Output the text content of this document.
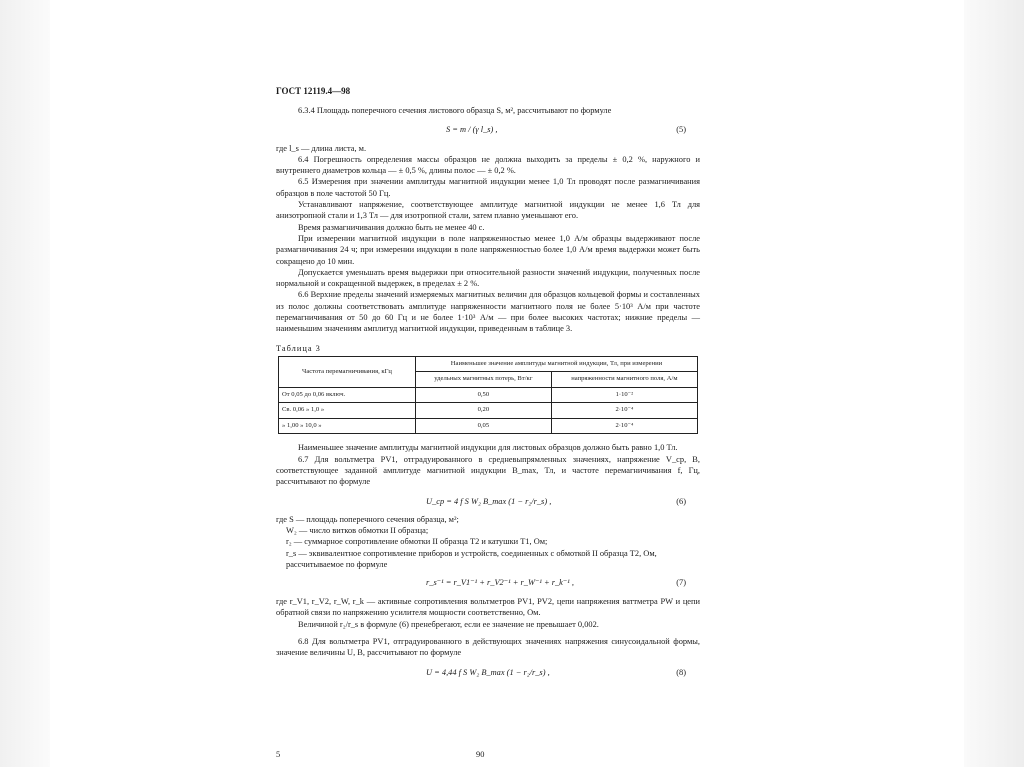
ГОСТ 12119.4—98

6.3.4 Площадь поперечного сечения листового образца S, м², рассчитывают по формуле

S = m / (γ l_s) ,	(5)

где l_s — длина листа, м.

6.4 Погрешность определения массы образцов не должна выходить за пределы ± 0,2 %, наружного и внутреннего диаметров кольца — ± 0,5 %, длины полос — ± 0,2 %.

6.5 Измерения при значении амплитуды магнитной индукции менее 1,0 Тл проводят после размагничивания образцов в поле частотой 50 Гц.

Устанавливают напряжение, соответствующее амплитуде магнитной индукции не менее 1,6 Тл для анизотропной стали и 1,3 Тл — для изотропной стали, затем плавно уменьшают его.

Время размагничивания должно быть не менее 40 с.

При измерении магнитной индукции в поле напряженностью менее 1,0 А/м образцы выдерживают после размагничивания 24 ч; при измерении индукции в поле напряженностью более 1,0 А/м время выдержки может быть сокращено до 10 мин.

Допускается уменьшать время выдержки при относительной разности значений индукции, полученных после нормальной и сокращенной выдержек, в пределах ± 2 %.

6.6 Верхние пределы значений измеряемых магнитных величин для образцов кольцевой формы и составленных из полос должны соответствовать амплитуде напряженности магнитного поля не более 5·10³ А/м при частоте перемагничивания от 50 до 60 Гц и не более 1·10³ А/м — при более высоких частотах; нижние пределы — наименьшим значениям амплитуд магнитной индукции, приведенным в таблице 3.

Таблица 3

Частота перемагничивания, кГц	Наименьшее значение амплитуды магнитной индукции, Тл, при измерении	
	удельных магнитных потерь, Вт/кг	напряженности магнитного поля, А/м
От 0,05 до 0,06 включ.	0,50	1·10⁻²
Св. 0,06 » 1,0 »	0,20	2·10⁻⁴
» 1,00 » 10,0 »	0,05	2·10⁻⁴

Наименьшее значение амплитуды магнитной индукции для листовых образцов должно быть равно 1,0 Тл.

6.7 Для вольтметра PV1, отградуированного в средневыпрямленных значениях, напряжение V_ср, В, соответствующее заданной амплитуде магнитной индукции B_max, Тл, и частоте перемагничивания f, Гц, рассчитывают по формуле

U_ср = 4 f S W₂ B_max (1 − r₂/r_s) ,	(6)
где S — площадь поперечного сечения образца, м²;
W₂ — число витков обмотки II образца;
r₂ — суммарное сопротивление обмотки II образца T2 и катушки T1, Ом;
r_s — эквивалентное сопротивление приборов и устройств, соединенных с обмоткой II образца T2, Ом, рассчитываемое по формуле
r_s⁻¹ = r_V1⁻¹ + r_V2⁻¹ + r_W⁻¹ + r_k⁻¹ ,	(7)

где r_V1, r_V2, r_W, r_k — активные сопротивления вольтметров PV1, PV2, цепи напряжения ваттметра PW и цепи обратной связи по напряжению усилителя мощности соответственно, Ом.

Величиной r₂/r_s в формуле (6) пренебрегают, если ее значение не превышает 0,002.

6.8 Для вольтметра PV1, отградуированного в действующих значениях напряжения синусоидальной формы, значение величины U, В, рассчитывают по формуле

U = 4,44 f S W₂ B_max (1 − r₂/r_s) ,	(8)
5	90
